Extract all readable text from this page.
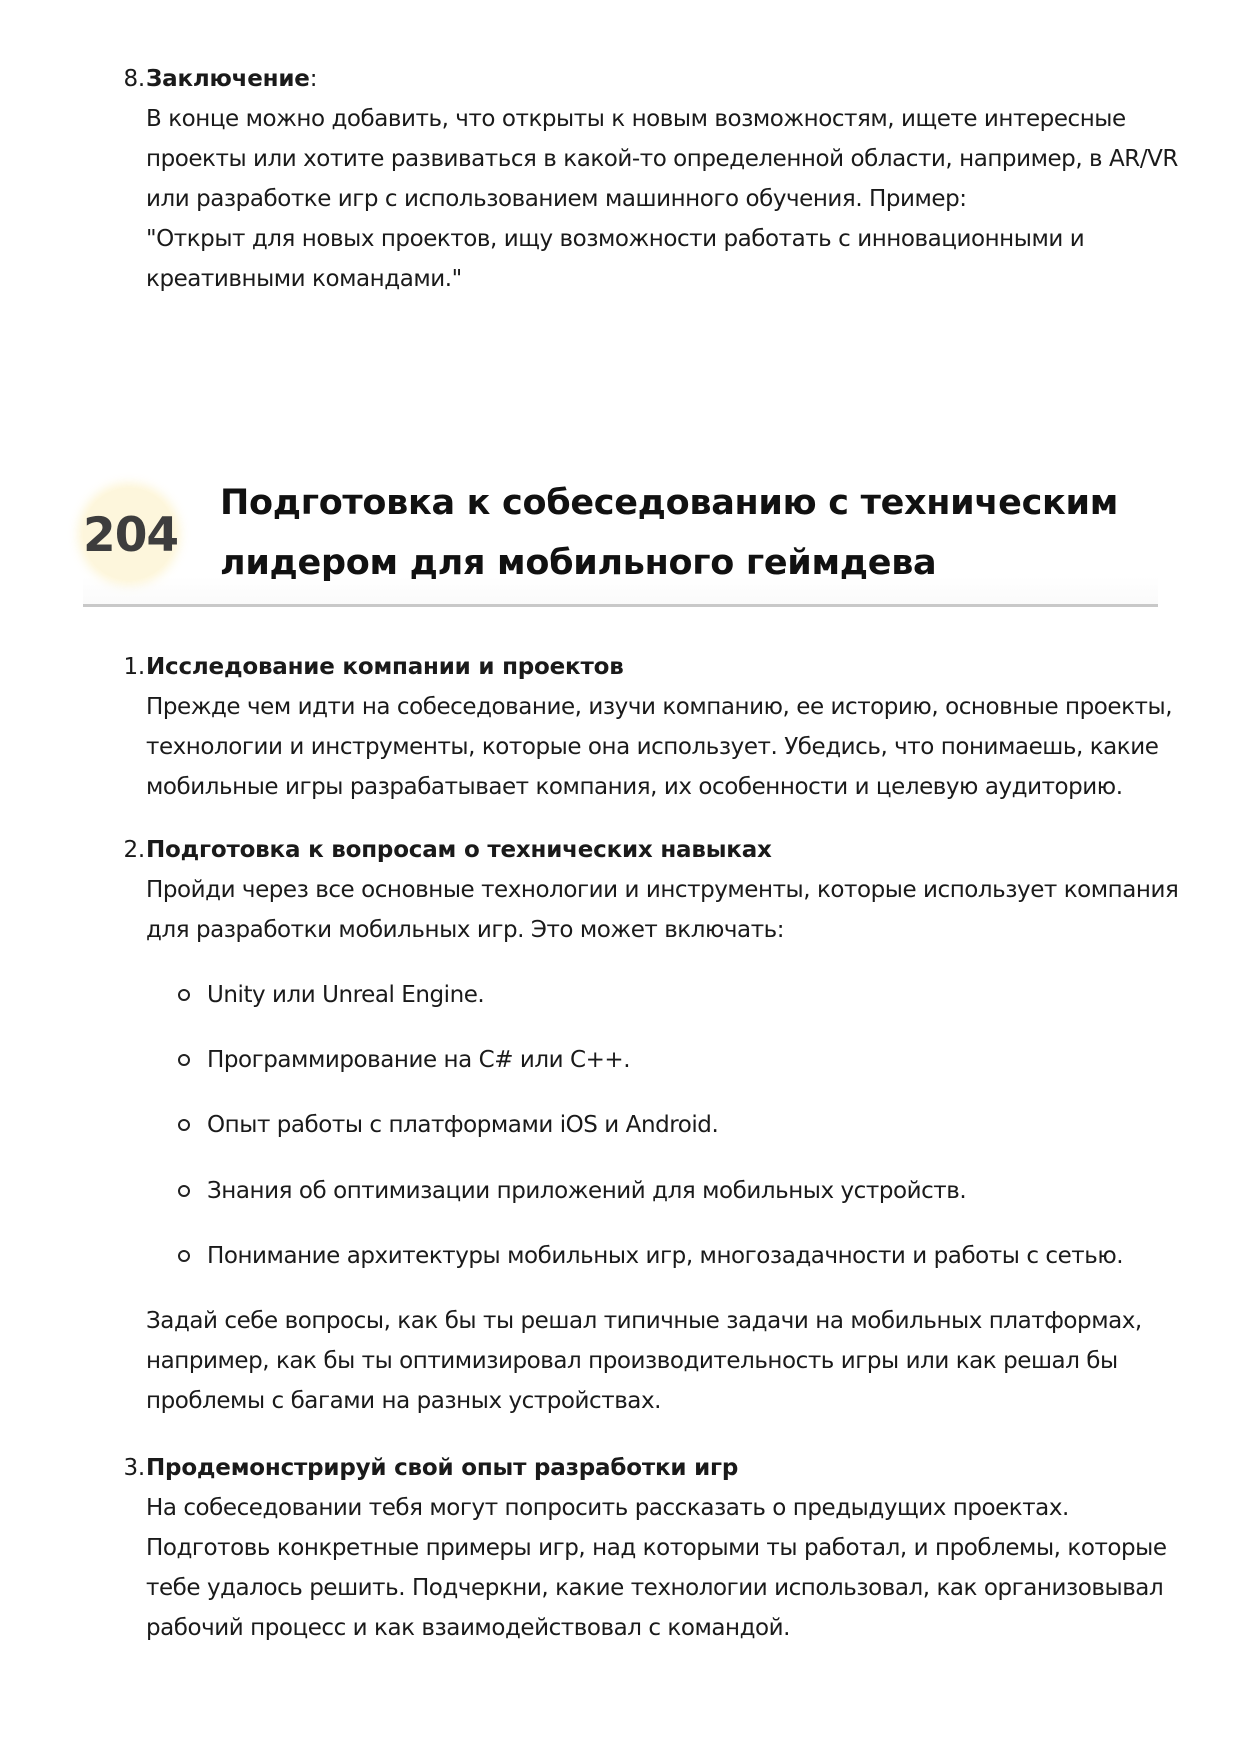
8. Заключение:

В конце можно добавить, что открыты к новым возможностям, ищете интересные
проекты или хотите развиваться в какой-то определенной области, например, в AR/VR
или разработке игр с использованием машинного обучения. Пример:
"Открыт для новых проектов, ищу возможности работать с инновационными и
креативными командами."

204
Подготовка к собеседованию с техническим
лидером для мобильного геймдева
1. Исследование компании и проектов

Прежде чем идти на собеседование, изучи компанию, ее историю, основные проекты,
технологии и инструменты, которые она использует. Убедись, что понимаешь, какие
мобильные игры разрабатывает компания, их особенности и целевую аудиторию.

2. Подготовка к вопросам о технических навыках

Пройди через все основные технологии и инструменты, которые использует компания
для разработки мобильных игр. Это может включать:

Unity или Unreal Engine.
Программирование на C# или C++.
Опыт работы с платформами iOS и Android.
Знания об оптимизации приложений для мобильных устройств.
Понимание архитектуры мобильных игр, многозадачности и работы с сетью.

Задай себе вопросы, как бы ты решал типичные задачи на мобильных платформах,
например, как бы ты оптимизировал производительность игры или как решал бы
проблемы с багами на разных устройствах.

3. Продемонстрируй свой опыт разработки игр

На собеседовании тебя могут попросить рассказать о предыдущих проектах.
Подготовь конкретные примеры игр, над которыми ты работал, и проблемы, которые
тебе удалось решить. Подчеркни, какие технологии использовал, как организовывал
рабочий процесс и как взаимодействовал с командой.
